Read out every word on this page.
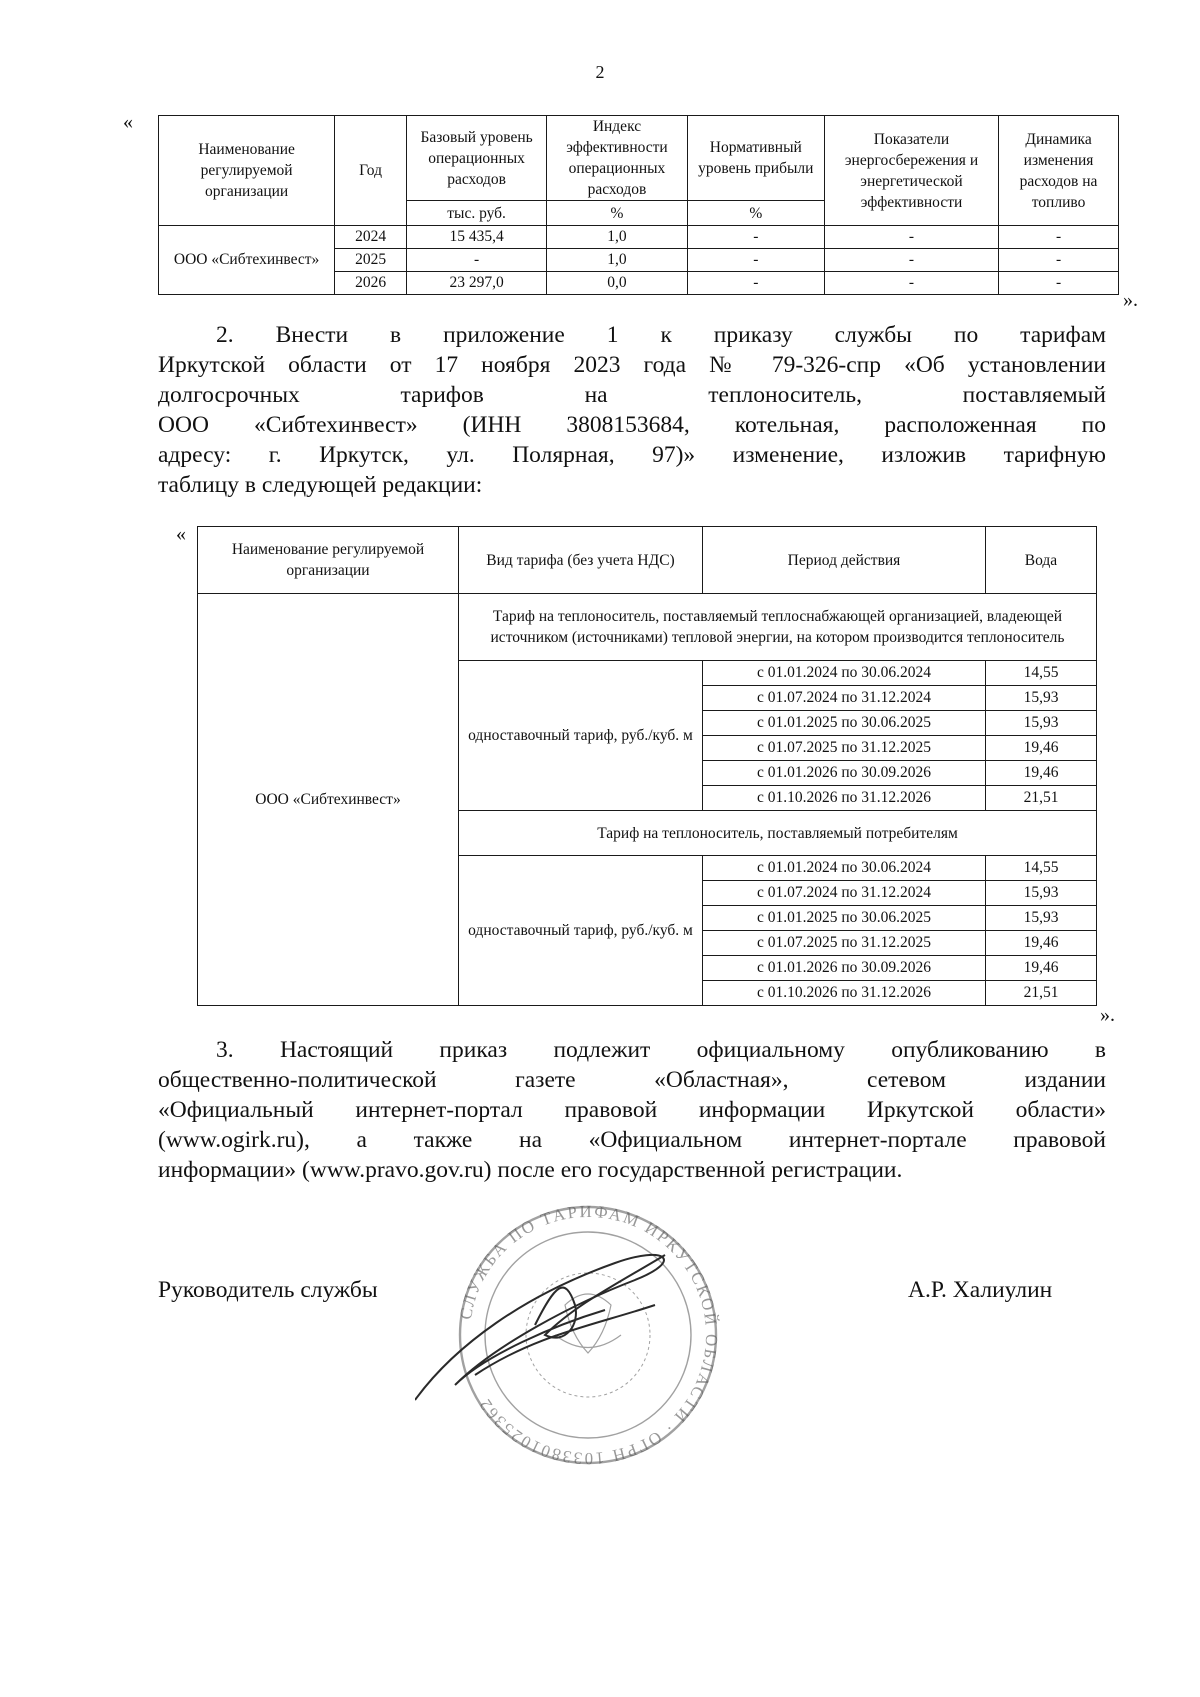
2
«
Наименование регулируемой организации	Год	Базовый уровень операционных расходов	Индекс эффективности операционных расходов	Нормативный уровень прибыли	Показатели энергосбережения и энергетической эффективности	Динамика изменения расходов на топливо
		тыс. руб.	%	%		
ООО «Сибтехинвест»	2024	15 435,4	1,0	-	-	-
	2025	-	1,0	-	-	-
	2026	23 297,0	0,0	-	-	-
».
2. Внести в приложение 1 к приказу службы по тарифам
Иркутской области от 17 ноября 2023 года № 79-326-спр «Об установлении
долгосрочных тарифов на теплоноситель, поставляемый
ООО «Сибтехинвест» (ИНН 3808153684, котельная, расположенная по
адресу: г. Иркутск, ул. Полярная, 97)» изменение, изложив тарифную
таблицу в следующей редакции:
«
Наименование регулируемой организации	Вид тарифа (без учета НДС)	Период действия	Вода
ООО «Сибтехинвест»	Тариф на теплоноситель, поставляемый теплоснабжающей организацией, владеющей источником (источниками) тепловой энергии, на котором производится теплоноситель		
	одноставочный тариф, руб./куб. м	с 01.01.2024 по 30.06.2024	14,55
		с 01.07.2024 по 31.12.2024	15,93
		с 01.01.2025 по 30.06.2025	15,93
		с 01.07.2025 по 31.12.2025	19,46
		с 01.01.2026 по 30.09.2026	19,46
		с 01.10.2026 по 31.12.2026	21,51
	Тариф на теплоноситель, поставляемый потребителям		
	одноставочный тариф, руб./куб. м	с 01.01.2024 по 30.06.2024	14,55
		с 01.07.2024 по 31.12.2024	15,93
		с 01.01.2025 по 30.06.2025	15,93
		с 01.07.2025 по 31.12.2025	19,46
		с 01.01.2026 по 30.09.2026	19,46
		с 01.10.2026 по 31.12.2026	21,51
».
3. Настоящий приказ подлежит официальному опубликованию в
общественно-политической газете «Областная», сетевом издании
«Официальный интернет-портал правовой информации Иркутской области»
(www.ogirk.ru), а также на «Официальном интернет-портале правовой
информации» (www.pravo.gov.ru) после его государственной регистрации.
СЛУЖБА ПО ТАРИФАМ ИРКУТСКОЙ ОБЛАСТИ · ОГРН 1033801025362
Руководитель службы	А.Р. Халиулин
